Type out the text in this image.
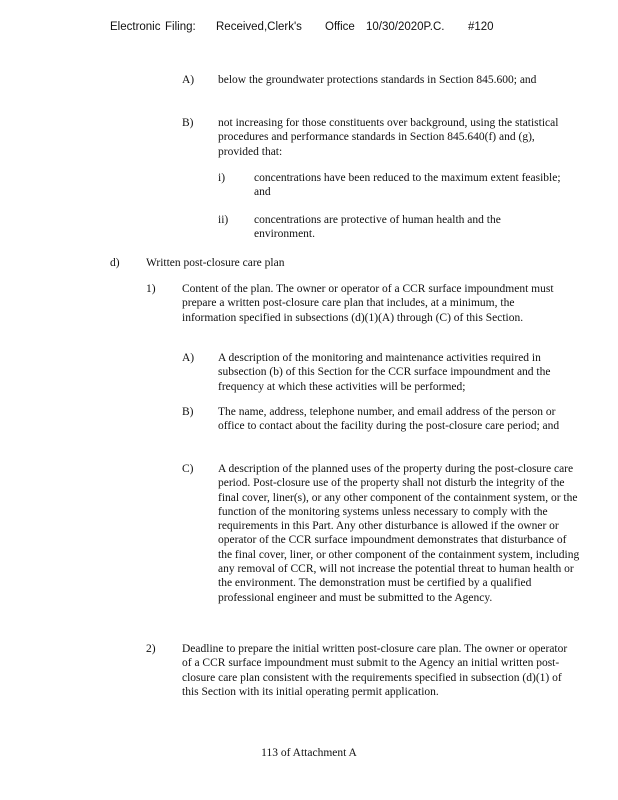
Electronic

Filing:

Received,Clerk's

Office

10/30/2020P.C.

#120

A) below the groundwater protections standards in Section 845.600; and
B) not increasing for those constituents over background, using the statistical procedures and performance standards in Section 845.640(f) and (g), provided that:
i)	concentrations have been reduced to the maximum extent feasible; and
ii) concentrations are protective of human health and the environment.
d) Written post-closure care plan
1) Content of the plan. The owner or operator of a CCR surface impoundment must prepare a written post-closure care plan that includes, at a minimum, the information specified in subsections (d)(1)(A) through (C) of this Section.
A) A description of the monitoring and maintenance activities required in subsection (b) of this Section for the CCR surface impoundment and the frequency at which these activities will be performed;
B) The name, address, telephone number, and email address of the person or office to contact about the facility during the post-closure care period; and
C) A description of the planned uses of the property during the post-closure care period. Post-closure use of the property shall not disturb the integrity of the final cover, liner(s), or any other component of the containment system, or the function of the monitoring systems unless necessary to comply with the requirements in this Part. Any other disturbance is allowed if the owner or operator of the CCR surface impoundment demonstrates that disturbance of the final cover, liner, or other component of the containment system, including any removal of CCR, will not increase the potential threat to human health or the environment. The demonstration must be certified by a qualified professional engineer and must be submitted to the Agency.
2) Deadline to prepare the initial written post-closure care plan. The owner or operator of a CCR surface impoundment must submit to the Agency an initial written post-closure care plan consistent with the requirements specified in subsection (d)(1) of this Section with its initial operating permit application.
113 of Attachment A
